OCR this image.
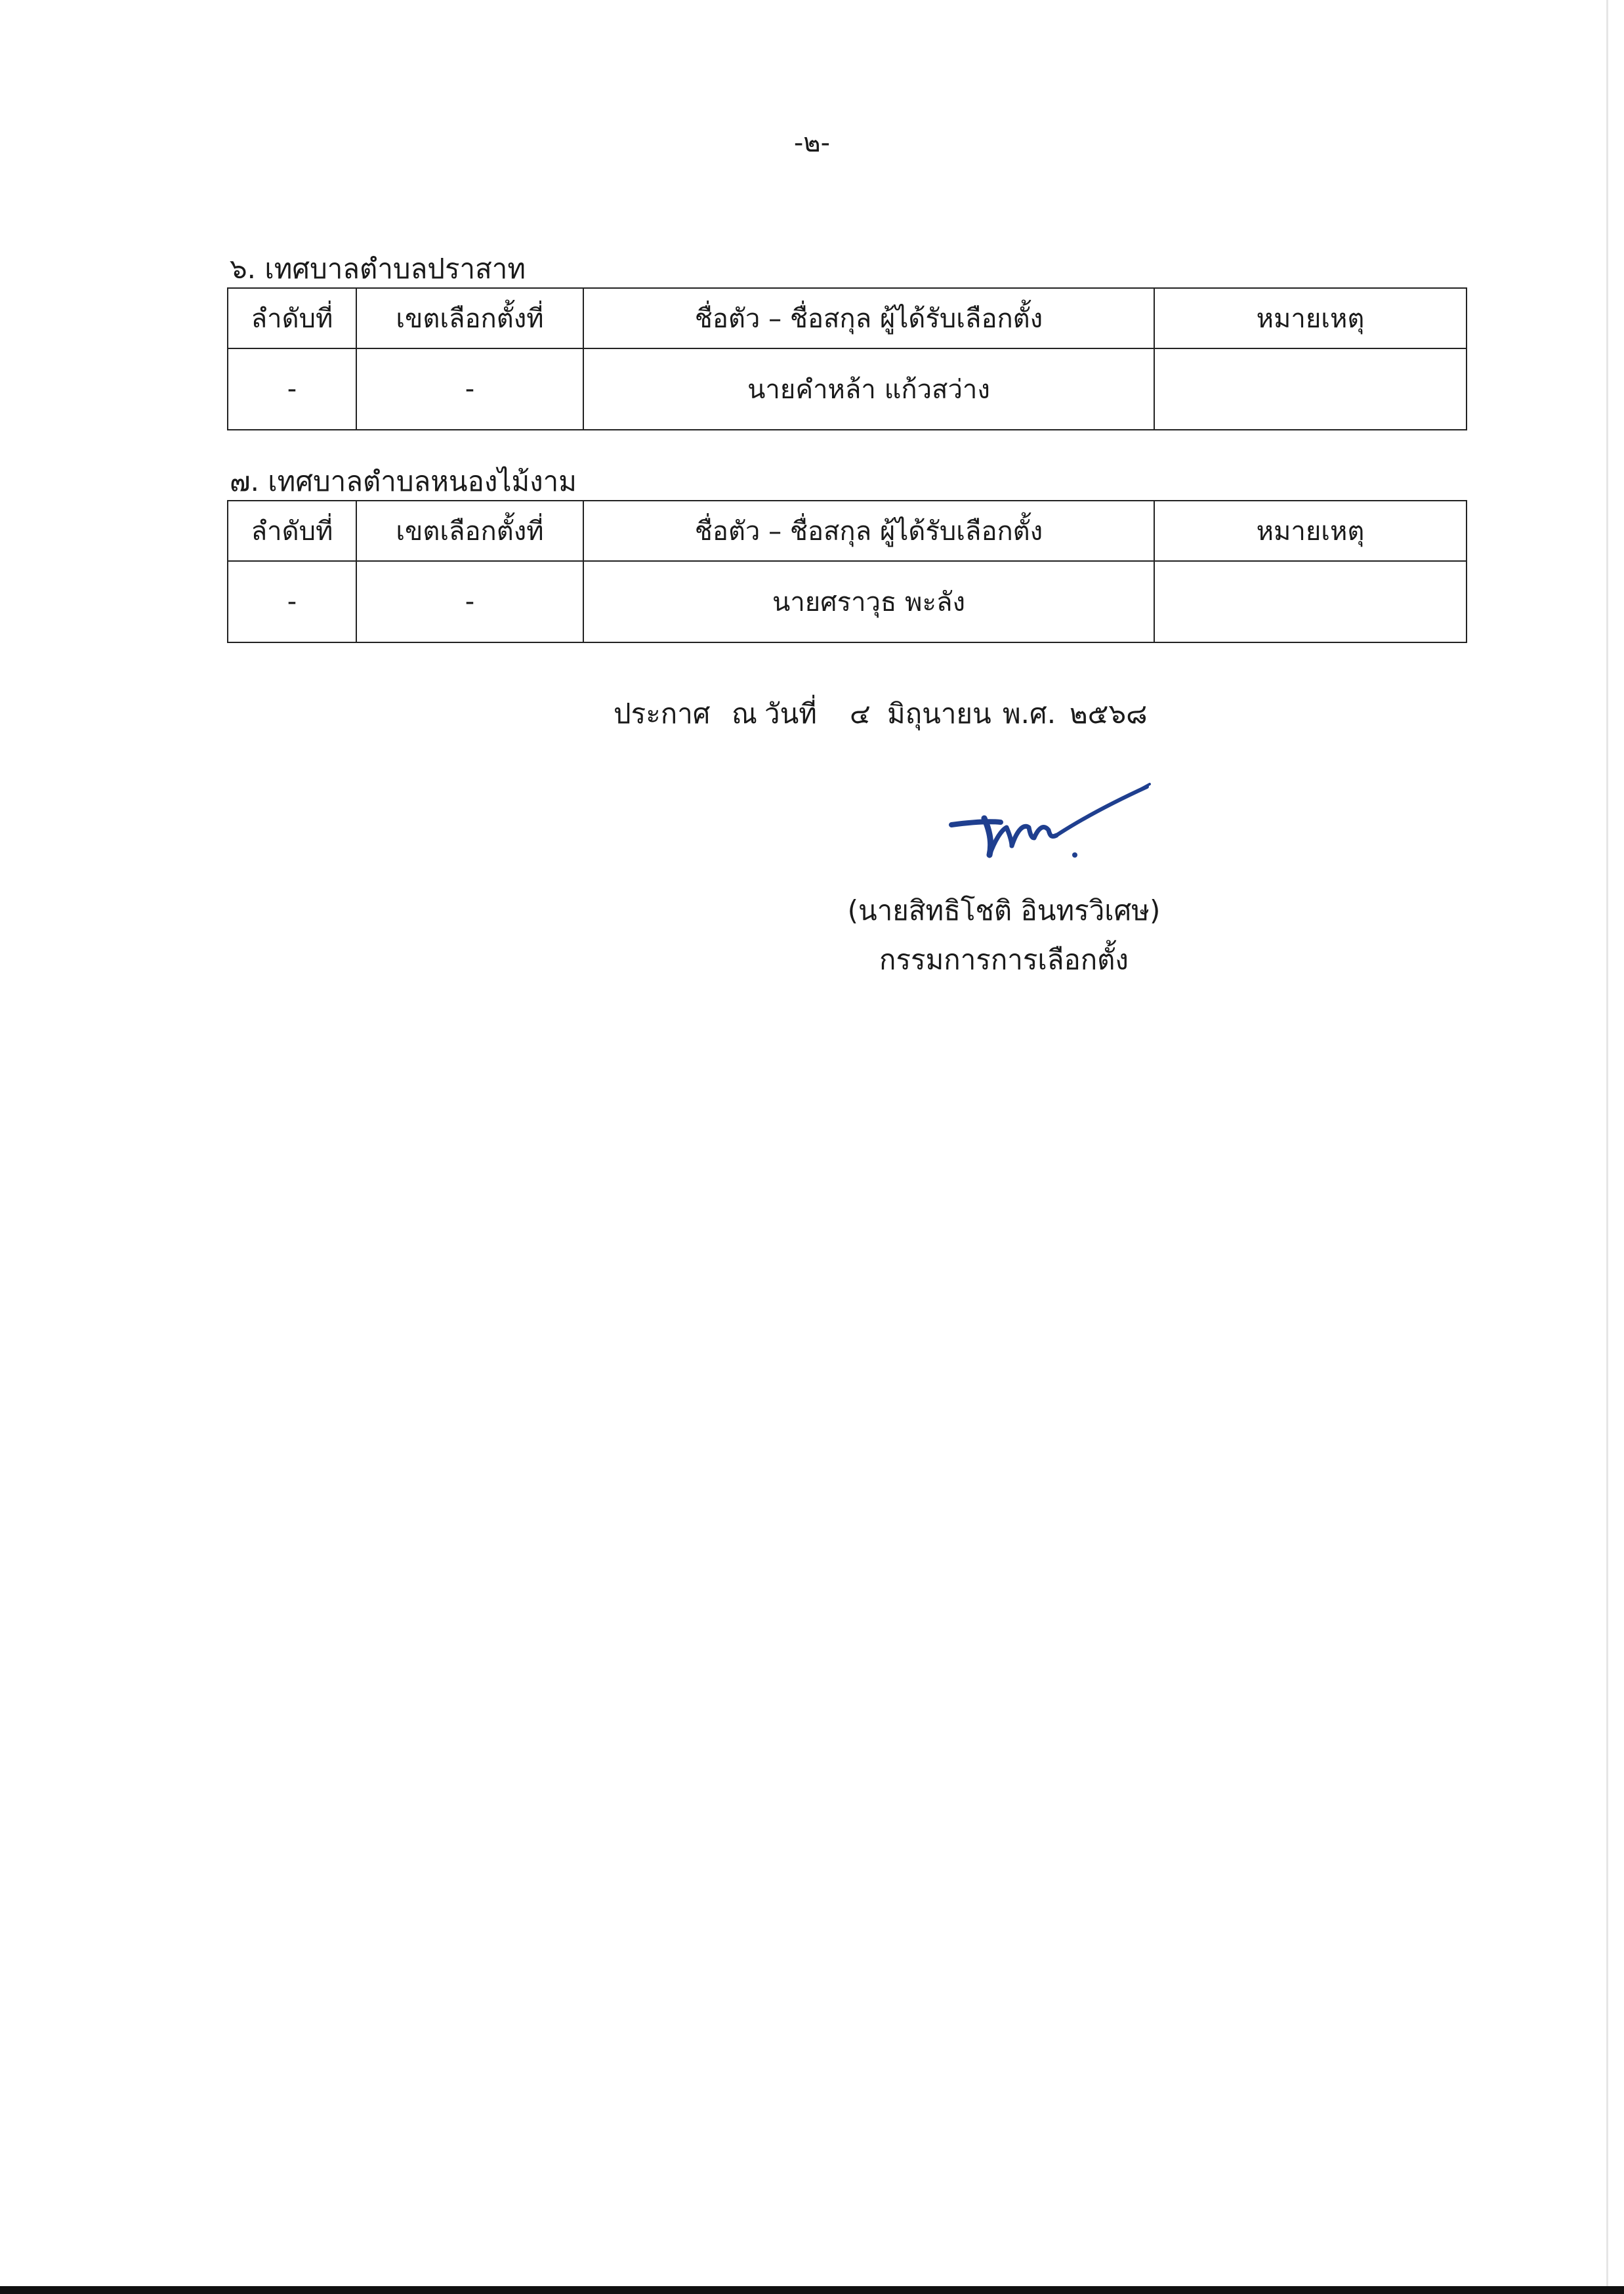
-๒-
๖. เทศบาลตำบลปราสาท
ลำดับที่	เขตเลือกตั้งที่	ชื่อตัว – ชื่อสกุล ผู้ได้รับเลือกตั้ง	หมายเหตุ
-	-	นายคำหล้า แก้วสว่าง	
๗. เทศบาลตำบลหนองไม้งาม
ลำดับที่	เขตเลือกตั้งที่	ชื่อตัว – ชื่อสกุล ผู้ได้รับเลือกตั้ง	หมายเหตุ
-	-	นายศราวุธ พะลัง	
ประกาศ ณ วันที่ ๔ มิถุนายน พ.ศ. ๒๕๖๘
(นายสิทธิโชติ อินทรวิเศษ)
กรรมการการเลือกตั้ง
